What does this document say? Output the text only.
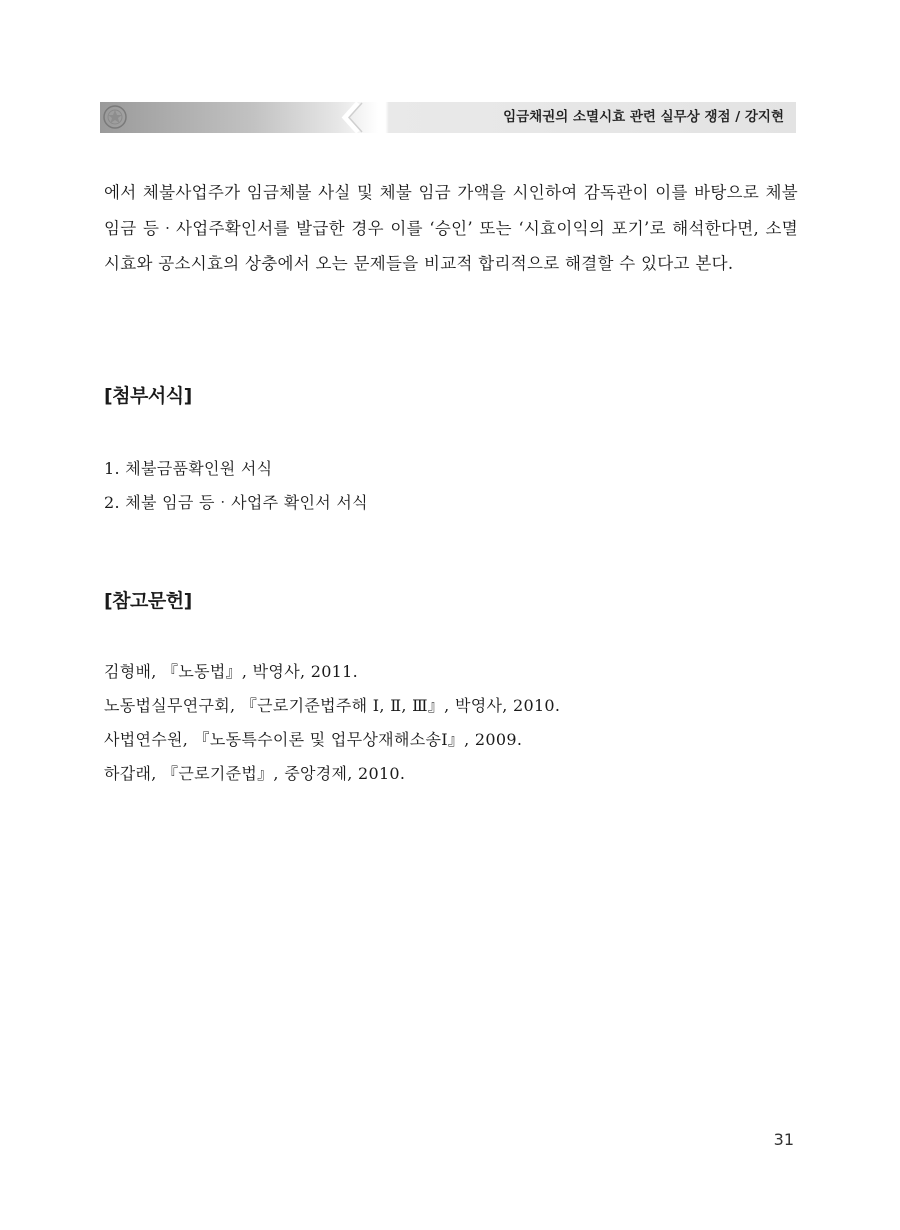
임금채권의 소멸시효 관련 실무상 쟁점 / 강지현

에서 체불사업주가 임금체불 사실 및 체불 임금 가액을 시인하여 감독관이 이를 바탕으로 체불 임금 등‧사업주확인서를 발급한 경우 이를 ‘승인’ 또는 ‘시효이익의 포기’로 해석한다면, 소멸시효와 공소시효의 상충에서 오는 문제들을 비교적 합리적으로 해결할 수 있다고 본다.

[첨부서식]
1. 체불금품확인원 서식
2. 체불 임금 등‧사업주 확인서 서식
[참고문헌]
김형배, 『노동법』, 박영사, 2011.
노동법실무연구회, 『근로기준법주해 Ⅰ, Ⅱ, Ⅲ』, 박영사, 2010.
사법연수원, 『노동특수이론 및 업무상재해소송I』, 2009.
하갑래, 『근로기준법』, 중앙경제, 2010.
31
